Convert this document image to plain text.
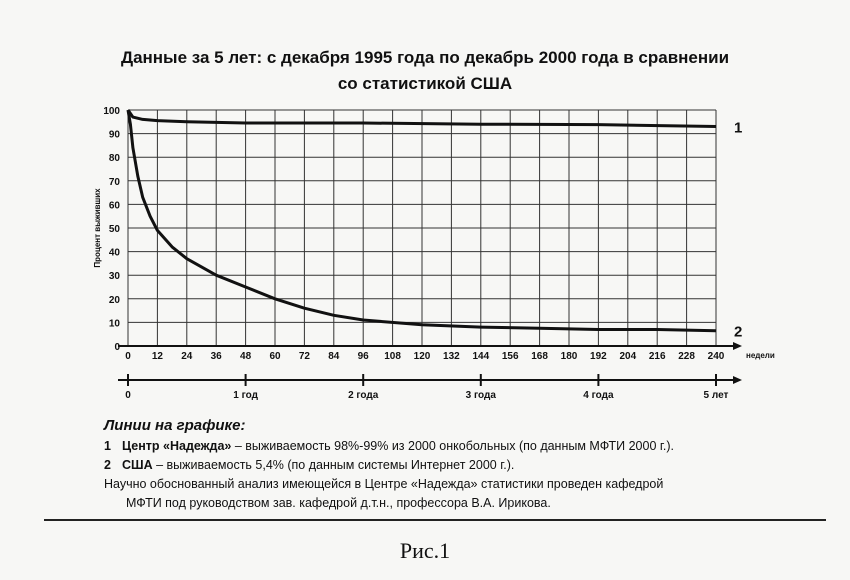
Данные за 5 лет: с декабря 1995 года по декабрь 2000 года в сравнении
со статистикой США
0
10
20
30
40
50
60
70
80
90
100
0 12 24 36 48 60 72 84 96 108 120 132 144 156 168 180 192 204 216 228 240	недели
Процент выживших
1
2
0	1 год	2 года	3 года	4 года	5 лет
Линии на графике:
1 Центр «Надежда» – выживаемость 98%-99% из 2000 онкобольных (по данным МФТИ 2000 г.).
2 США – выживаемость 5,4% (по данным системы Интернет 2000 г.).
Научно обоснованный анализ имеющейся в Центре «Надежда» статистики проведен кафедрой
МФТИ под руководством зав. кафедрой д.т.н., профессора В.А. Ирикова.
Рис.1
